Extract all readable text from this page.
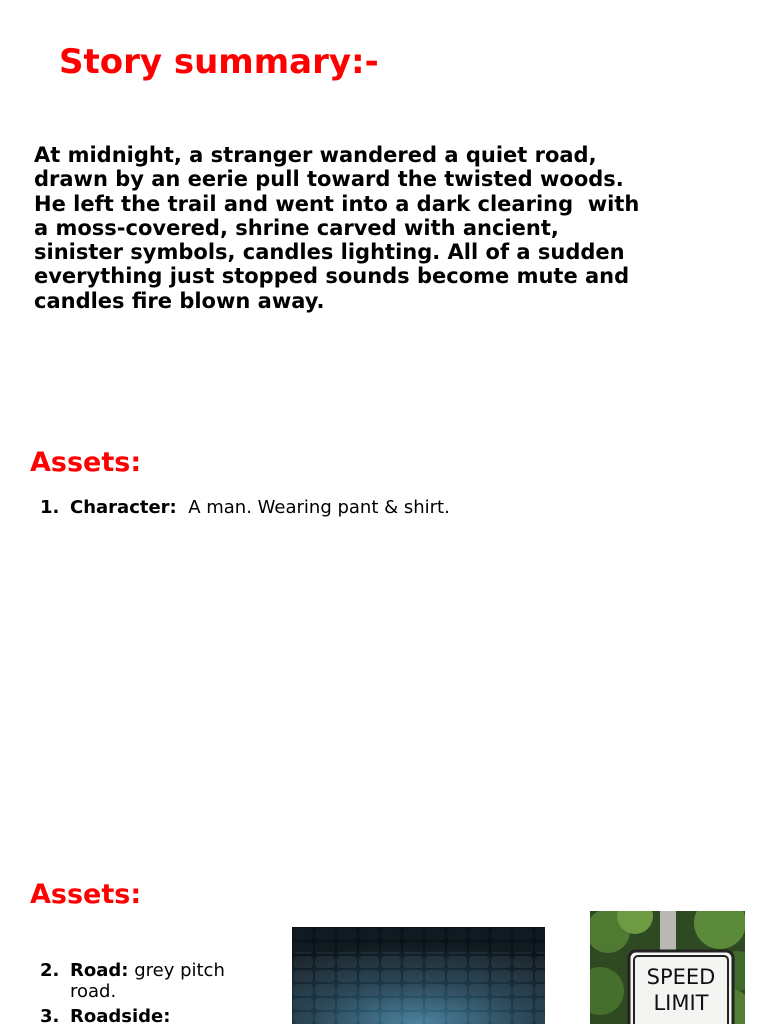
Story summary:-
At midnight, a stranger wandered a quiet road,
drawn by an eerie pull toward the twisted woods.
He left the trail and went into a dark clearing  with
a moss-covered, shrine carved with ancient,
sinister symbols, candles lighting. All of a sudden
everything just stopped sounds become mute and
candles fire blown away.
Assets:
1. Character:  A man. Wearing pant & shirt.
Assets:
2. Road: grey pitch road.
3. Roadside:
SPEED
LIMIT
